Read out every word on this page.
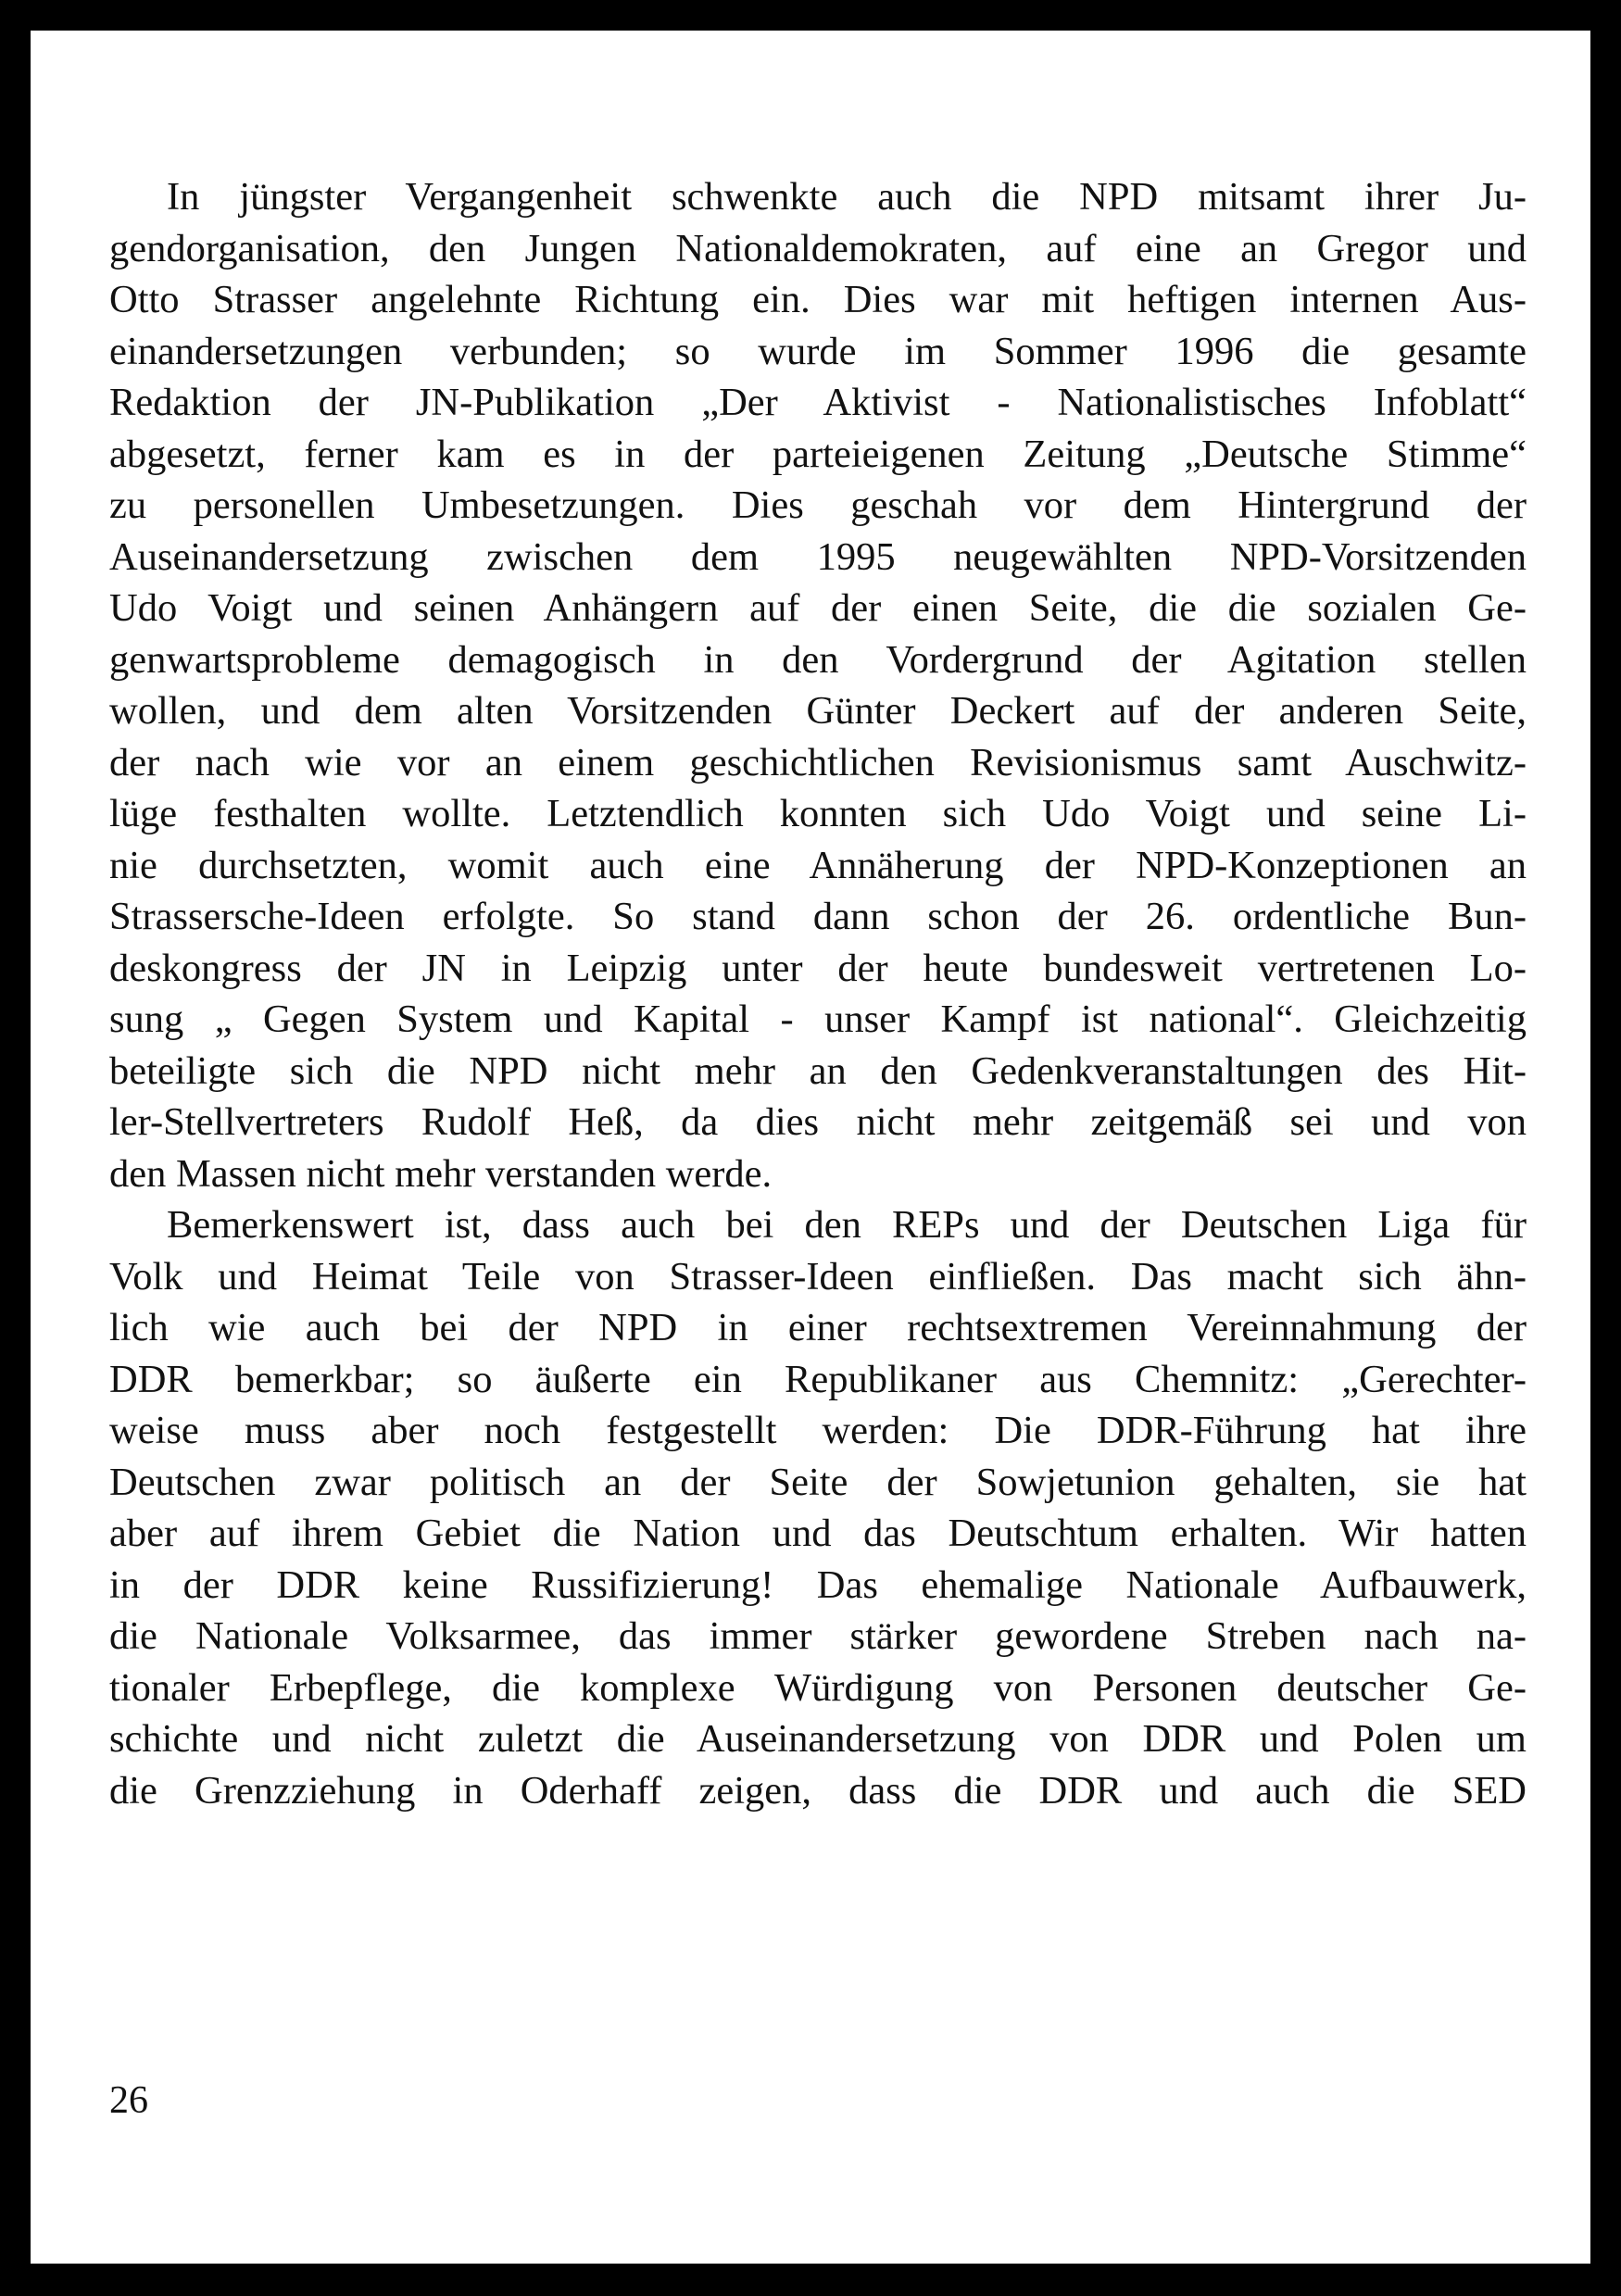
In jüngster Vergangenheit schwenkte auch die NPD mitsamt ihrer Ju-
gendorganisation, den Jungen Nationaldemokraten, auf eine an Gregor und
Otto Strasser angelehnte Richtung ein. Dies war mit heftigen internen Aus-
einandersetzungen verbunden; so wurde im Sommer 1996 die gesamte
Redaktion der JN-Publikation „Der Aktivist - Nationalistisches Infoblatt“
abgesetzt, ferner kam es in der parteieigenen Zeitung „Deutsche Stimme“
zu personellen Umbesetzungen. Dies geschah vor dem Hintergrund der
Auseinandersetzung zwischen dem 1995 neugewählten NPD-Vorsitzenden
Udo Voigt und seinen Anhängern auf der einen Seite, die die sozialen Ge-
genwartsprobleme demagogisch in den Vordergrund der Agitation stellen
wollen, und dem alten Vorsitzenden Günter Deckert auf der anderen Seite,
der nach wie vor an einem geschichtlichen Revisionismus samt Auschwitz-
lüge festhalten wollte. Letztendlich konnten sich Udo Voigt und seine Li-
nie durchsetzten, womit auch eine Annäherung der NPD-Konzeptionen an
Strassersche-Ideen erfolgte. So stand dann schon der 26. ordentliche Bun-
deskongress der JN in Leipzig unter der heute bundesweit vertretenen Lo-
sung „ Gegen System und Kapital - unser Kampf ist national“. Gleichzeitig
beteiligte sich die NPD nicht mehr an den Gedenkveranstaltungen des Hit-
ler-Stellvertreters Rudolf Heß, da dies nicht mehr zeitgemäß sei und von
den Massen nicht mehr verstanden werde.
Bemerkenswert ist, dass auch bei den REPs und der Deutschen Liga für
Volk und Heimat Teile von Strasser-Ideen einfließen. Das macht sich ähn-
lich wie auch bei der NPD in einer rechtsextremen Vereinnahmung der
DDR bemerkbar; so äußerte ein Republikaner aus Chemnitz: „Gerechter-
weise muss aber noch festgestellt werden: Die DDR-Führung hat ihre
Deutschen zwar politisch an der Seite der Sowjetunion gehalten, sie hat
aber auf ihrem Gebiet die Nation und das Deutschtum erhalten. Wir hatten
in der DDR keine Russifizierung! Das ehemalige Nationale Aufbauwerk,
die Nationale Volksarmee, das immer stärker gewordene Streben nach na-
tionaler Erbepflege, die komplexe Würdigung von Personen deutscher Ge-
schichte und nicht zuletzt die Auseinandersetzung von DDR und Polen um
die Grenzziehung in Oderhaff zeigen, dass die DDR und auch die SED
26
